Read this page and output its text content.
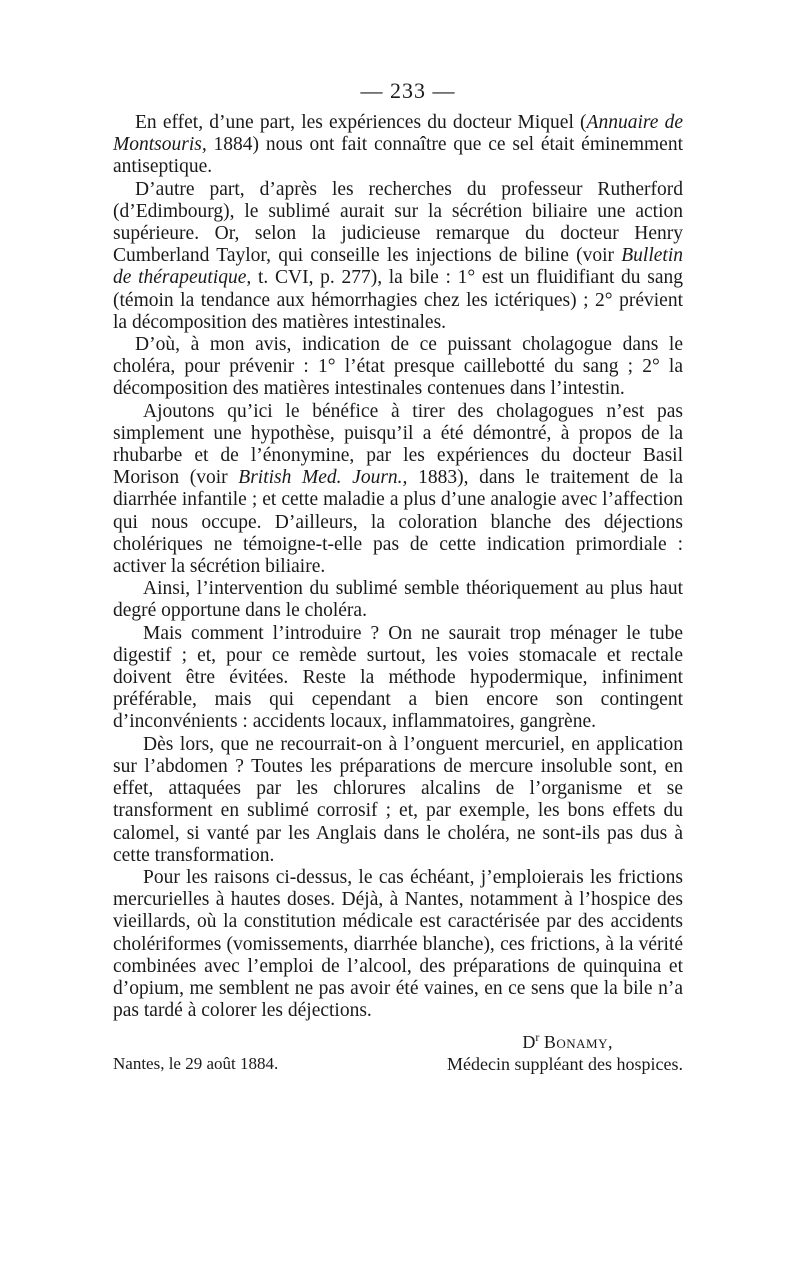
— 233 —

En effet, d’une part, les expériences du docteur Miquel (Annuaire de Montsouris, 1884) nous ont fait connaître que ce sel était éminemment antiseptique.

D’autre part, d’après les recherches du professeur Rutherford (d’Edimbourg), le sublimé aurait sur la sécrétion biliaire une action supérieure. Or, selon la judicieuse remarque du docteur Henry Cumberland Taylor, qui conseille les injections de biline (voir Bulletin de thérapeutique, t. CVI, p. 277), la bile : 1° est un fluidifiant du sang (témoin la tendance aux hémorrhagies chez les ictériques) ; 2° prévient la décomposition des matières intestinales.

D’où, à mon avis, indication de ce puissant cholagogue dans le choléra, pour prévenir : 1° l’état presque caillebotté du sang ; 2° la décomposition des matières intestinales contenues dans l’intestin.

Ajoutons qu’ici le bénéfice à tirer des cholagogues n’est pas simplement une hypothèse, puisqu’il a été démontré, à propos de la rhubarbe et de l’énonymine, par les expériences du docteur Basil Morison (voir British Med. Journ., 1883), dans le traitement de la diarrhée infantile ; et cette maladie a plus d’une analogie avec l’affection qui nous occupe. D’ailleurs, la coloration blanche des déjections cholériques ne témoigne-t-elle pas de cette indication primordiale : activer la sécrétion biliaire.

Ainsi, l’intervention du sublimé semble théoriquement au plus haut degré opportune dans le choléra.

Mais comment l’introduire ? On ne saurait trop ménager le tube digestif ; et, pour ce remède surtout, les voies stomacale et rectale doivent être évitées. Reste la méthode hypodermique, infiniment préférable, mais qui cependant a bien encore son contingent d’inconvénients : accidents locaux, inflammatoires, gangrène.

Dès lors, que ne recourrait-on à l’onguent mercuriel, en application sur l’abdomen ? Toutes les préparations de mercure insoluble sont, en effet, attaquées par les chlorures alcalins de l’organisme et se transforment en sublimé corrosif ; et, par exemple, les bons effets du calomel, si vanté par les Anglais dans le choléra, ne sont-ils pas dus à cette transformation.

Pour les raisons ci-dessus, le cas échéant, j’emploierais les frictions mercurielles à hautes doses. Déjà, à Nantes, notamment à l’hospice des vieillards, où la constitution médicale est caractérisée par des accidents cholériformes (vomissements, diarrhée blanche), ces frictions, à la vérité combinées avec l’emploi de l’alcool, des préparations de quinquina et d’opium, me semblent ne pas avoir été vaines, en ce sens que la bile n’a pas tardé à colorer les déjections.

$D^r$ Bonamy,
Nantes, le 29 août 1884.	Médecin suppléant des hospices.
